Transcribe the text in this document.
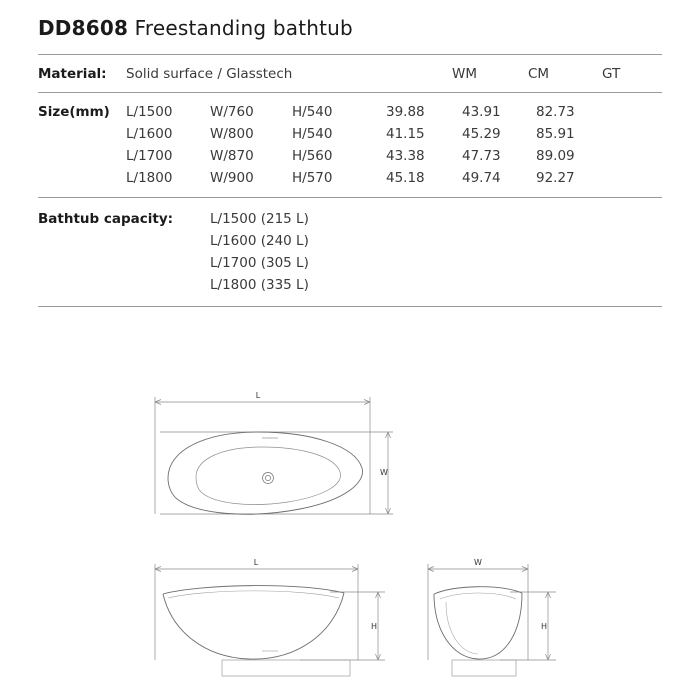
DD8608 Freestanding bathtub
Material:	Solid surface / Glasstech	WM	CM	GT
Size(mm)	L/1500	W/760	H/540	39.88	43.91	82.73
L/1600	W/800	H/540	41.15	45.29	85.91
L/1700	W/870	H/560	43.38	47.73	89.09
L/1800	W/900	H/570	45.18	49.74	92.27
Bathtub capacity:	L/1500 (215 L)
L/1600 (240 L)
L/1700 (305 L)
L/1800 (335 L)
L
W
L
H
W
H
